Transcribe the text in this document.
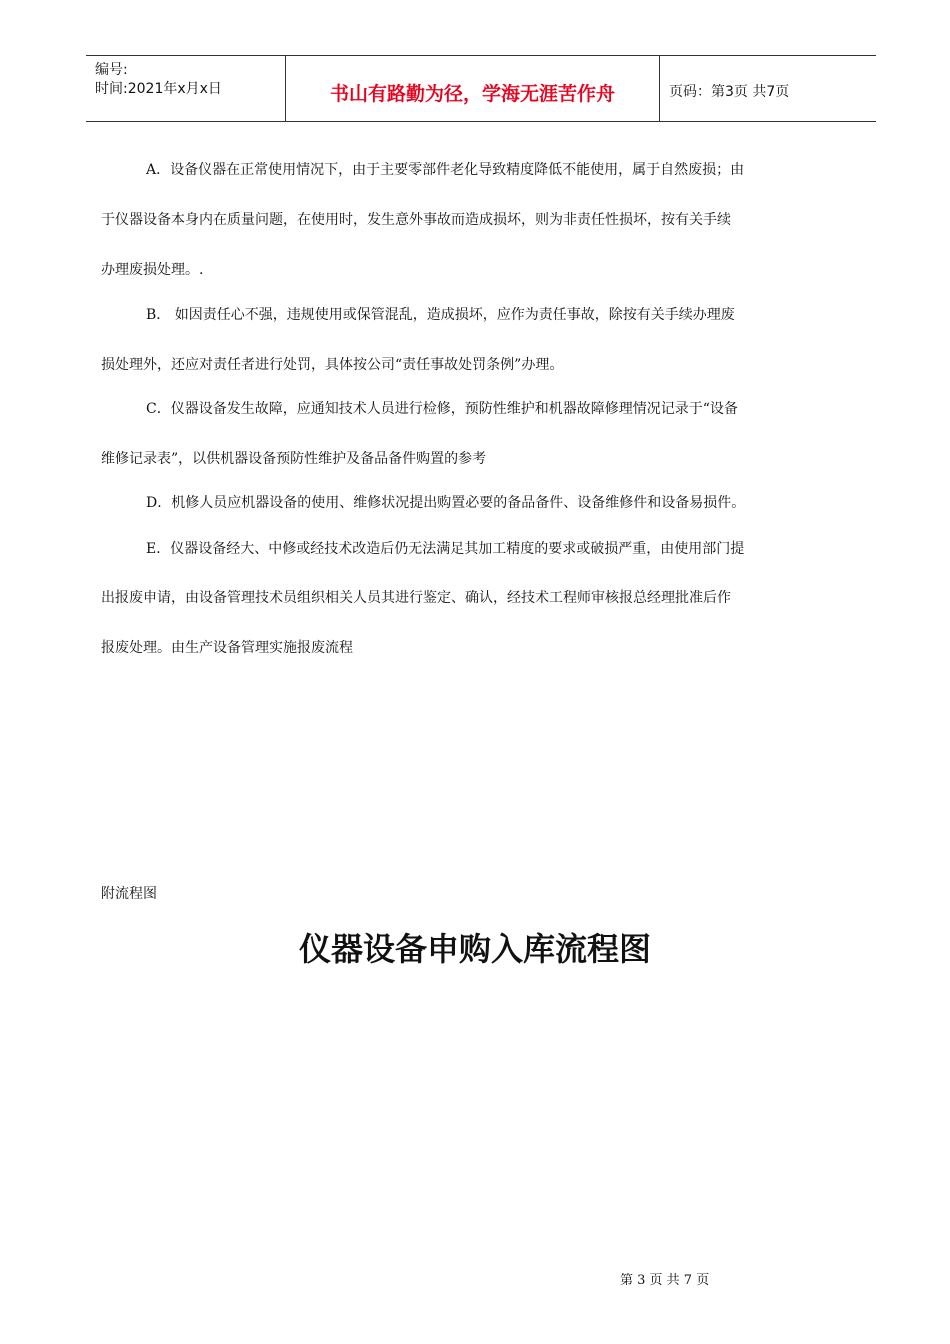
编号:
时间:2021年x月x日	书山有路勤为径，学海无涯苦作舟	页码：第3页 共7页
A．设备仪器在正常使用情况下，由于主要零部件老化导致精度降低不能使用，属于自然废损；由
于仪器设备本身内在质量问题，在使用时，发生意外事故而造成损坏，则为非责任性损坏，按有关手续
办理废损处理。.
B． 如因责任心不强，违规使用或保管混乱，造成损坏，应作为责任事故，除按有关手续办理废
损处理外，还应对责任者进行处罚，具体按公司“责任事故处罚条例”办理。
C．仪器设备发生故障，应通知技术人员进行检修，预防性维护和机器故障修理情况记录于“设备
维修记录表”，以供机器设备预防性维护及备品备件购置的参考
D．机修人员应机器设备的使用、维修状况提出购置必要的备品备件、设备维修件和设备易损件。
E．仪器设备经大、中修或经技术改造后仍无法满足其加工精度的要求或破损严重，由使用部门提
出报废申请，由设备管理技术员组织相关人员其进行鉴定、确认，经技术工程师审核报总经理批准后作
报废处理。由生产设备管理实施报废流程
附流程图
仪器设备申购入库流程图
第 3 页 共 7 页
